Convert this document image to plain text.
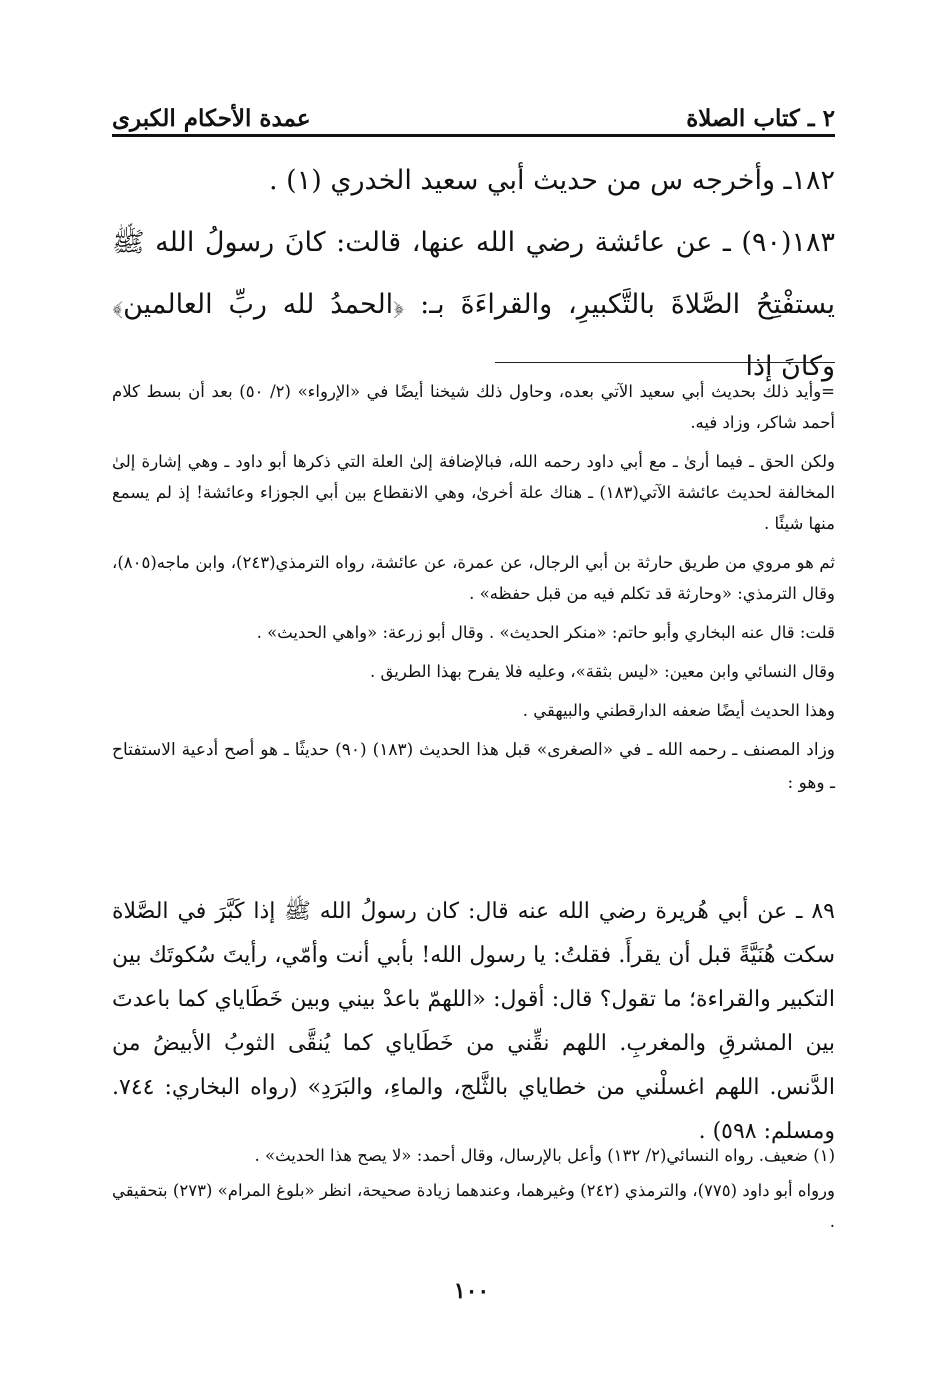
عمدة الأحكام الكبرى	٢ ـ كتاب الصلاة

١٨٢ـ وأخرجه س من حديث أبي سعيد الخدري (١) .

١٨٣(٩٠) ـ عن عائشة رضي الله عنها، قالت: كانَ رسولُ الله ﷺ يستفْتِحُ الصَّلاةَ بالتَّكبيرِ، والقراءَةَ بـ: ﴿الحمدُ لله ربِّ العالمين﴾ وكانَ إذا

=وأيد ذلك بحديث أبي سعيد الآتي بعده، وحاول ذلك شيخنا أيضًا في «الإرواء» (٢/ ٥٠) بعد أن بسط كلام أحمد شاكر، وزاد فيه.

ولكن الحق ـ فيما أرىٰ ـ مع أبي داود رحمه الله، فبالإضافة إلىٰ العلة التي ذكرها أبو داود ـ وهي إشارة إلىٰ المخالفة لحديث عائشة الآتي(١٨٣) ـ هناك علة أخرىٰ، وهي الانقطاع بين أبي الجوزاء وعائشة! إذ لم يسمع منها شيئًا .

ثم هو مروي من طريق حارثة بن أبي الرجال، عن عمرة، عن عائشة، رواه الترمذي(٢٤٣)، وابن ماجه(٨٠٥)، وقال الترمذي: «وحارثة قد تكلم فيه من قبل حفظه» .

قلت: قال عنه البخاري وأبو حاتم: «منكر الحديث» . وقال أبو زرعة: «واهي الحديث» .

وقال النسائي وابن معين: «ليس بثقة»، وعليه فلا يفرح بهذا الطريق .

وهذا الحديث أيضًا ضعفه الدارقطني والبيهقي .

وزاد المصنف ـ رحمه الله ـ في «الصغرى» قبل هذا الحديث (١٨٣) (٩٠) حديثًا ـ هو أصح أدعية الاستفتاح ـ وهو :

٨٩ ـ عن أبي هُريرة رضي الله عنه قال: كان رسولُ الله ﷺ إذا كَبَّرَ في الصَّلاة سكت هُنَيَّةً قبل أن يقرأَ. فقلتُ: يا رسول الله! بأبي أنت وأمّي، رأيتَ سُكوتَك بين التكبير والقراءة؛ ما تقول؟ قال: أقول: «اللهمّ باعدْ بيني وبين خَطَاياي كما باعدتَ بين المشرقِ والمغربِ. اللهم نقِّني من خَطَاياي كما يُنقَّى الثوبُ الأبيضُ من الدَّنس. اللهم اغسلْني من خطاياي بالثَّلج، والماءِ، والبَرَدِ» (رواه البخاري: ٧٤٤. ومسلم: ٥٩٨) .

(١) ضعيف. رواه النسائي(٢/ ١٣٢) وأعل بالإرسال، وقال أحمد: «لا يصح هذا الحديث» .

ورواه أبو داود (٧٧٥)، والترمذي (٢٤٢) وغيرهما، وعندهما زيادة صحيحة، انظر «بلوغ المرام» (٢٧٣) بتحقيقي .

١٠٠
